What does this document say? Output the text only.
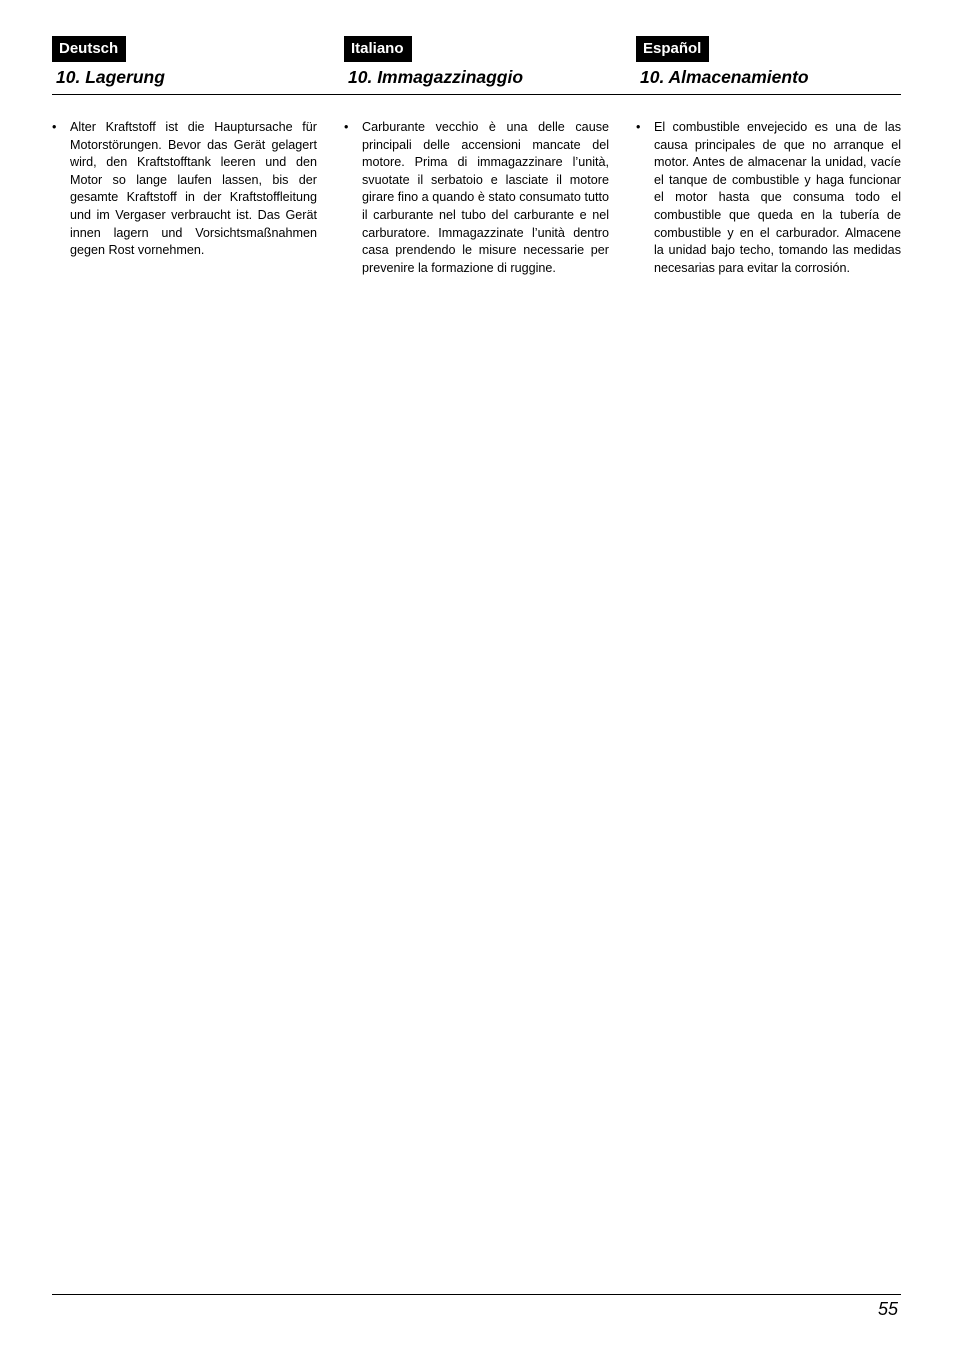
Deutsch
10. Lagerung
Italiano
10. Immagazzinaggio
Español
10. Almacenamiento
•	Alter Kraftstoff ist die Hauptursache für Motorstörungen. Bevor das Gerät gelagert wird, den Kraftstofftank leeren und den Motor so lange laufen lassen, bis der gesamte Kraftstoff in der Kraftstoffleitung und im Vergaser verbraucht ist. Das Gerät innen lagern und Vorsichtsmaßnahmen gegen Rost vornehmen.
•	Carburante vecchio è una delle cause principali delle accensioni mancate del motore. Prima di immagazzinare l’unità, svuotate il serbatoio e lasciate il motore girare fino a quando è stato consumato tutto il carburante nel tubo del carburante e nel carburatore. Immagazzinate l’unità dentro casa prendendo le misure necessarie per prevenire la formazione di ruggine.
•	El combustible envejecido es una de las causa principales de que no arranque el motor. Antes de almacenar la unidad, vacíe el tanque de combustible y haga funcionar el motor hasta que consuma todo el combustible que queda en la tubería de combustible y en el carburador. Almacene la unidad bajo techo, tomando las medidas necesarias para evitar la corrosión.
55
